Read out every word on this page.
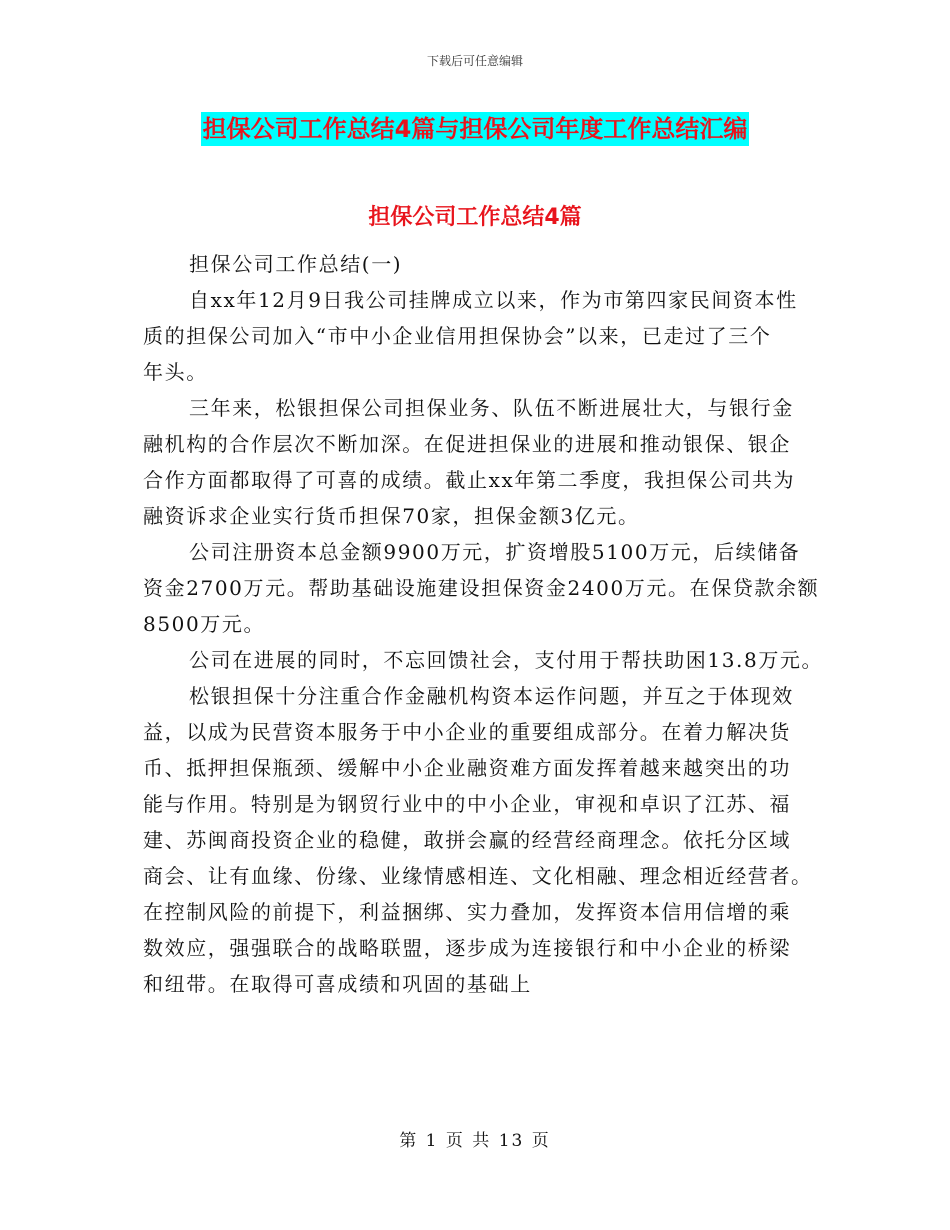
下载后可任意编辑
担保公司工作总结4篇与担保公司年度工作总结汇编
担保公司工作总结4篇
担保公司工作总结(一)
自xx年12月9日我公司挂牌成立以来，作为市第四家民间资本性
质的担保公司加入“市中小企业信用担保协会”以来，已走过了三个
年头。
三年来，松银担保公司担保业务、队伍不断进展壮大，与银行金
融机构的合作层次不断加深。在促进担保业的进展和推动银保、银企
合作方面都取得了可喜的成绩。截止xx年第二季度，我担保公司共为
融资诉求企业实行货币担保70家，担保金额3亿元。
公司注册资本总金额9900万元，扩资增股5100万元，后续储备
资金2700万元。帮助基础设施建设担保资金2400万元。在保贷款余额
8500万元。
公司在进展的同时，不忘回馈社会，支付用于帮扶助困13.8万元。
松银担保十分注重合作金融机构资本运作问题，并互之于体现效
益，以成为民营资本服务于中小企业的重要组成部分。在着力解决货
币、抵押担保瓶颈、缓解中小企业融资难方面发挥着越来越突出的功
能与作用。特别是为钢贸行业中的中小企业，审视和卓识了江苏、福
建、苏闽商投资企业的稳健，敢拼会赢的经营经商理念。依托分区域
商会、让有血缘、份缘、业缘情感相连、文化相融、理念相近经营者。
在控制风险的前提下，利益捆绑、实力叠加，发挥资本信用信增的乘
数效应，强强联合的战略联盟，逐步成为连接银行和中小企业的桥梁
和纽带。在取得可喜成绩和巩固的基础上
第 1 页 共 13 页
